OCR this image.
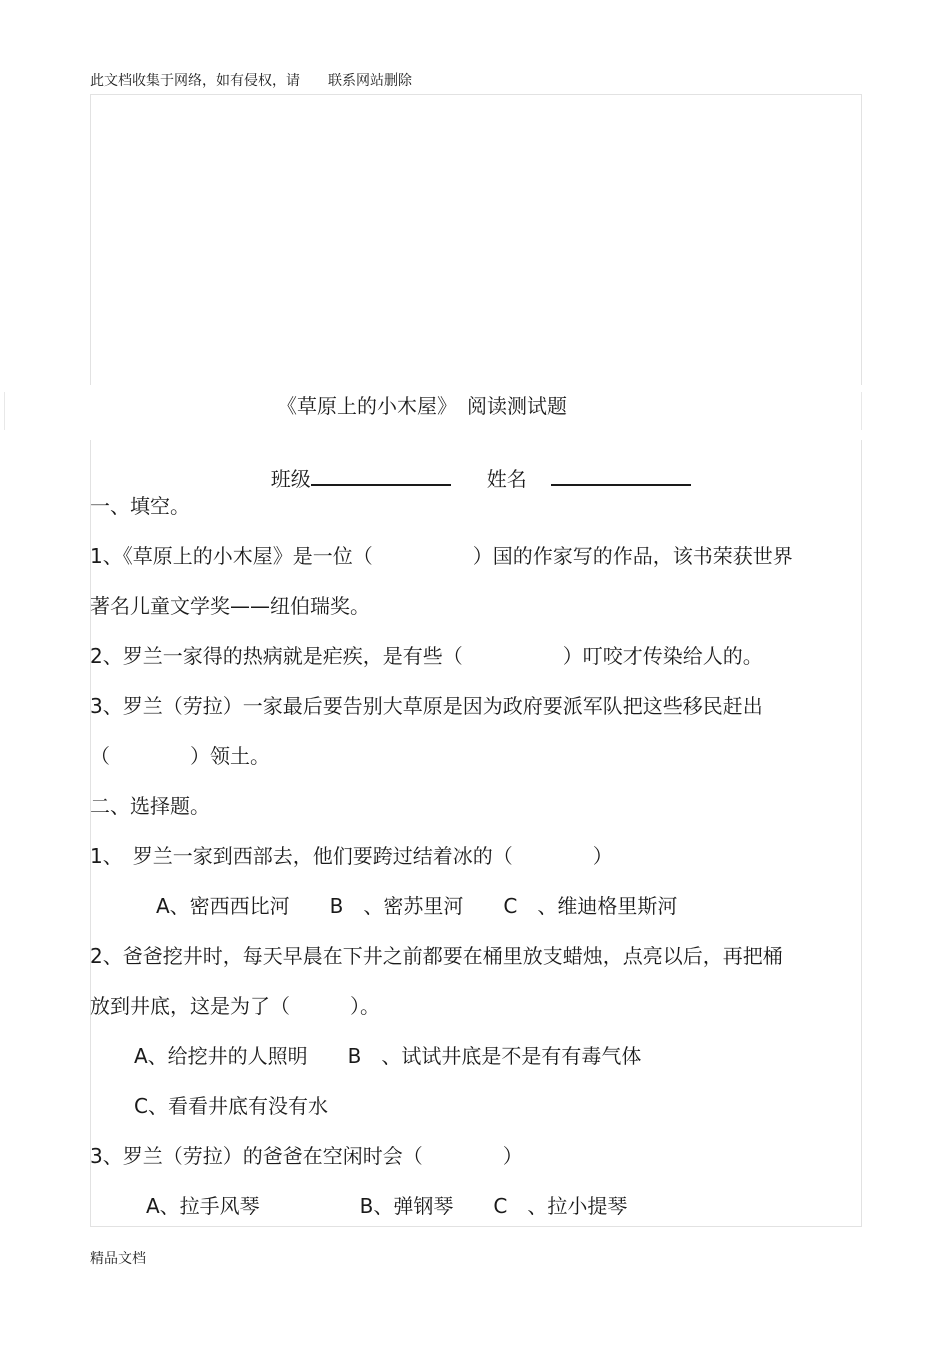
此文档收集于网络，如有侵权，请　　联系网站删除
《草原上的小木屋》　阅读测试题

班级	姓名

一、填空。
1、《草原上的小木屋》是一位（　　　　　）国的作家写的作品，该书荣获世界
著名儿童文学奖——纽伯瑞奖。
2、罗兰一家得的热病就是疟疾，是有些（　　　　　）叮咬才传染给人的。
3、罗兰（劳拉）一家最后要告别大草原是因为政府要派军队把这些移民赶出
（　　　　）领土。
二、选择题。
1、　罗兰一家到西部去，他们要跨过结着冰的（　　　　）
A、密西西比河　　B　、密苏里河　　C　、维迪格里斯河
2、爸爸挖井时，每天早晨在下井之前都要在桶里放支蜡烛，点亮以后，再把桶
放到井底，这是为了（　　　）。
A、给挖井的人照明　　B　、试试井底是不是有有毒气体
C、看看井底有没有水
3、罗兰（劳拉）的爸爸在空闲时会（　　　　）
A、拉手风琴　　　　　B、弹钢琴　　C　、拉小提琴
精品文档
